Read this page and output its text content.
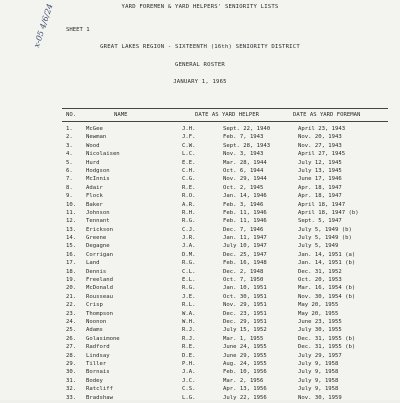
YARD FOREMEN & YARD HELPERS' SENIORITY LISTS
SHEET 1
x-05 4/6/24	GREAT LAKES REGION - SIXTEENTH (16th) SENIORITY DISTRICT
GENERAL ROSTER
JANUARY 1, 1965
NO.	NAME	DATE AS YARD HELPER	DATE AS YARD FOREMAN
1. McGee	J.H.	Sept. 22, 1940	April 23, 1943
2. Newman	J.F.	Feb. 7, 1943	Nov. 20, 1943
3. Wood	C.W.	Sept. 28, 1943	Nov. 27, 1943
4. Nicolaisen	L.C.	Nov. 3, 1943	April 27, 1945
5. Hurd	E.E.	Mar. 28, 1944	July 12, 1945
6. Hodgson	C.H.	Oct. 6, 1944	July 13, 1945
7. McInnis	C.G.	Nov. 29, 1944	June 17, 1946
8. Adair	R.E.	Oct. 2, 1945	Apr. 18, 1947
9. Flock	R.O.	Jan. 14, 1946	Apr. 18, 1947
10. Baker	A.R.	Feb. 3, 1946	April 18, 1947
11. Johnson	R.H.	Feb. 11, 1946	April 18, 1947 (b)
12. Tennant	R.G.	Feb. 11, 1946	Sept. 5, 1947
13. Erickson	C.J.	Dec. 7, 1946	July 5, 1949 (b)
14. Greene	J.R.	Jan. 11, 1947	July 5, 1949 (b)
15. Degagne	J.A.	July 10, 1947	July 5, 1949
16. Corrigan	D.M.	Dec. 25, 1947	Jan. 14, 1951 (a)
17. Land	R.G.	Feb. 16, 1948	Jan. 14, 1951 (b)
18. Dennis	C.L.	Dec. 2, 1948	Dec. 31, 1952
19. Freeland	E.L.	Oct. 7, 1950	Oct. 20, 1953
20. McDonald	R.G.	Jan. 10, 1951	Mar. 16, 1954 (b)
21. Rousseau	J.E.	Oct. 30, 1951	Nov. 30, 1954 (b)
22. Crisp	R.L.	Nov. 29, 1951	May 20, 1955
23. Thompson	W.A.	Dec. 23, 1951	May 20, 1955
24. Noonon	W.H.	Dec. 29, 1951	June 23, 1955
25. Adams	R.J.	July 15, 1952	July 30, 1955
26. Golasimone	R.J.	Mar. 1, 1955	Dec. 31, 1955 (b)
27. Radford	R.E.	June 24, 1955	Dec. 31, 1955 (b)
28. Lindsay	D.E.	June 29, 1955	July 29, 1957
29. Tiller	P.H.	Aug. 24, 1955	July 9, 1958
30. Bornais	J.A.	Feb. 10, 1956	July 9, 1958
31. Bodey	J.C.	Mar. 2, 1956	July 9, 1958
32. Ratcliff	C.S.	Apr. 13, 1956	July 9, 1958
33. Bradshaw	L.G.	July 22, 1956	Nov. 30, 1959
